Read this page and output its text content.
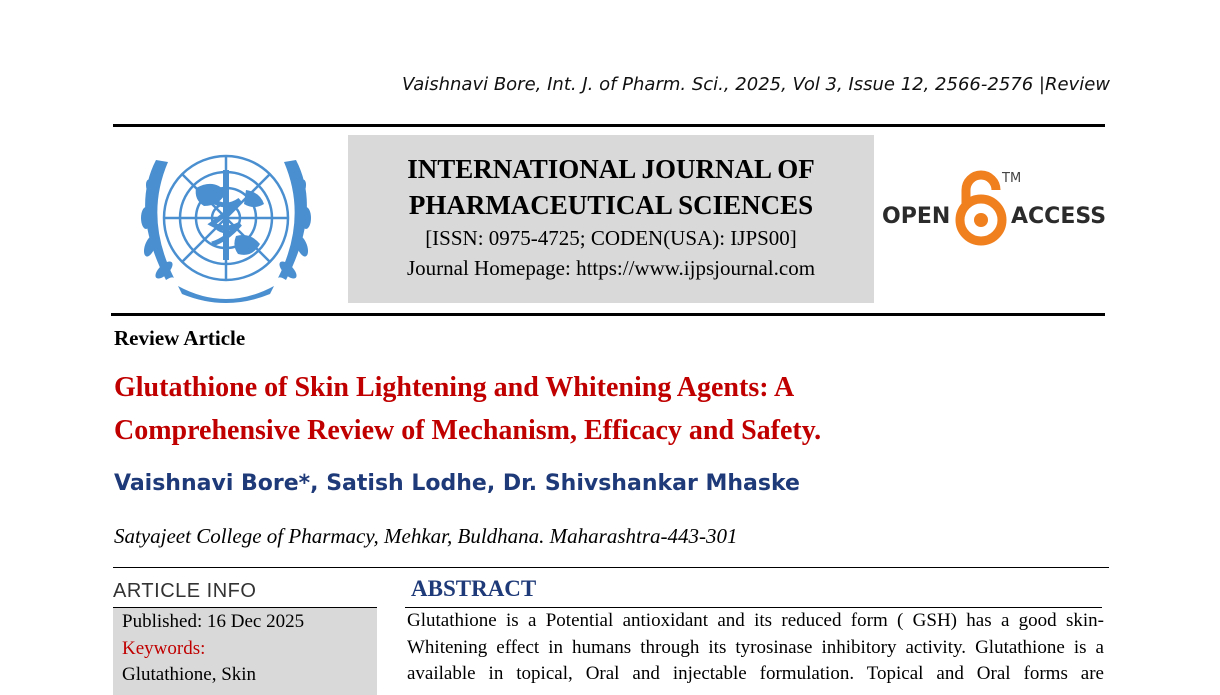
Vaishnavi Bore, Int. J. of Pharm. Sci., 2025, Vol 3, Issue 12, 2566-2576 |Review
INTERNATIONAL JOURNAL OF
PHARMACEUTICAL SCIENCES
[ISSN: 0975-4725; CODEN(USA): IJPS00]
Journal Homepage: https://www.ijpsjournal.com
OPEN	ACCESS
TM
Review Article
Glutathione of Skin Lightening and Whitening Agents: A
Comprehensive Review of Mechanism, Efficacy and Safety.
Vaishnavi Bore*, Satish Lodhe, Dr. Shivshankar Mhaske
Satyajeet College of Pharmacy, Mehkar, Buldhana. Maharashtra-443-301
ARTICLE INFO
Published: 16 Dec 2025
Keywords:
Glutathione, Skin
ABSTRACT
Glutathione is a Potential antioxidant and its reduced form ( GSH) has a good skin-
Whitening effect in humans through its tyrosinase inhibitory activity. Glutathione is a
available in topical, Oral and injectable formulation. Topical and Oral forms are
